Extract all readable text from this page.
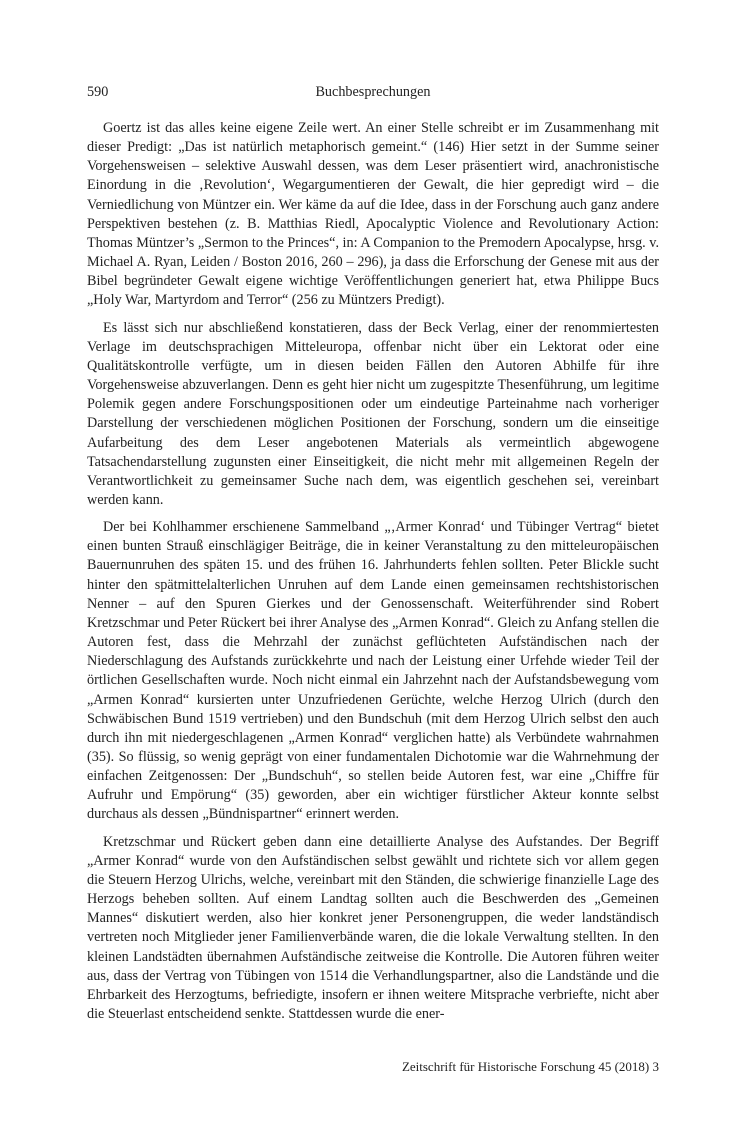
590	Buchbesprechungen

Goertz ist das alles keine eigene Zeile wert. An einer Stelle schreibt er im Zusammenhang mit dieser Predigt: „Das ist natürlich metaphorisch gemeint.“ (146) Hier setzt in der Summe seiner Vorgehensweisen – selektive Auswahl dessen, was dem Leser präsentiert wird, anachronistische Einordung in die ‚Revolution‘, Wegargumentieren der Gewalt, die hier gepredigt wird – die Verniedlichung von Müntzer ein. Wer käme da auf die Idee, dass in der Forschung auch ganz andere Perspektiven bestehen (z. B. Matthias Riedl, Apocalyptic Violence and Revolutionary Action: Thomas Müntzer’s „Sermon to the Princes“, in: A Companion to the Premodern Apocalypse, hrsg. v. Michael A. Ryan, Leiden / Boston 2016, 260 – 296), ja dass die Erforschung der Genese mit aus der Bibel begründeter Gewalt eigene wichtige Veröffentlichungen generiert hat, etwa Philippe Bucs „Holy War, Martyrdom and Terror“ (256 zu Müntzers Predigt).

Es lässt sich nur abschließend konstatieren, dass der Beck Verlag, einer der renommiertesten Verlage im deutschsprachigen Mitteleuropa, offenbar nicht über ein Lektorat oder eine Qualitätskontrolle verfügte, um in diesen beiden Fällen den Autoren Abhilfe für ihre Vorgehensweise abzuverlangen. Denn es geht hier nicht um zugespitzte Thesenführung, um legitime Polemik gegen andere Forschungspositionen oder um eindeutige Parteinahme nach vorheriger Darstellung der verschiedenen möglichen Positionen der Forschung, sondern um die einseitige Aufarbeitung des dem Leser angebotenen Materials als vermeintlich abgewogene Tatsachendarstellung zugunsten einer Einseitigkeit, die nicht mehr mit allgemeinen Regeln der Verantwortlichkeit zu gemeinsamer Suche nach dem, was eigentlich geschehen sei, vereinbart werden kann.

Der bei Kohlhammer erschienene Sammelband „‚Armer Konrad‘ und Tübinger Vertrag“ bietet einen bunten Strauß einschlägiger Beiträge, die in keiner Veranstaltung zu den mitteleuropäischen Bauernunruhen des späten 15. und des frühen 16. Jahrhunderts fehlen sollten. Peter Blickle sucht hinter den spätmittelalterlichen Unruhen auf dem Lande einen gemeinsamen rechtshistorischen Nenner – auf den Spuren Gierkes und der Genossenschaft. Weiterführender sind Robert Kretzschmar und Peter Rückert bei ihrer Analyse des „Armen Konrad“. Gleich zu Anfang stellen die Autoren fest, dass die Mehrzahl der zunächst geflüchteten Aufständischen nach der Niederschlagung des Aufstands zurückkehrte und nach der Leistung einer Urfehde wieder Teil der örtlichen Gesellschaften wurde. Noch nicht einmal ein Jahrzehnt nach der Aufstandsbewegung vom „Armen Konrad“ kursierten unter Unzufriedenen Gerüchte, welche Herzog Ulrich (durch den Schwäbischen Bund 1519 vertrieben) und den Bundschuh (mit dem Herzog Ulrich selbst den auch durch ihn mit niedergeschlagenen „Armen Konrad“ verglichen hatte) als Verbündete wahrnahmen (35). So flüssig, so wenig geprägt von einer fundamentalen Dichotomie war die Wahrnehmung der einfachen Zeitgenossen: Der „Bundschuh“, so stellen beide Autoren fest, war eine „Chiffre für Aufruhr und Empörung“ (35) geworden, aber ein wichtiger fürstlicher Akteur konnte selbst durchaus als dessen „Bündnispartner“ erinnert werden.

Kretzschmar und Rückert geben dann eine detaillierte Analyse des Aufstandes. Der Begriff „Armer Konrad“ wurde von den Aufständischen selbst gewählt und richtete sich vor allem gegen die Steuern Herzog Ulrichs, welche, vereinbart mit den Ständen, die schwierige finanzielle Lage des Herzogs beheben sollten. Auf einem Landtag sollten auch die Beschwerden des „Gemeinen Mannes“ diskutiert werden, also hier konkret jener Personengruppen, die weder landständisch vertreten noch Mitglieder jener Familienverbände waren, die die lokale Verwaltung stellten. In den kleinen Landstädten übernahmen Aufständische zeitweise die Kontrolle. Die Autoren führen weiter aus, dass der Vertrag von Tübingen von 1514 die Verhandlungspartner, also die Landstände und die Ehrbarkeit des Herzogtums, befriedigte, insofern er ihnen weitere Mitsprache verbriefte, nicht aber die Steuerlast entscheidend senkte. Stattdessen wurde die ener-

Zeitschrift für Historische Forschung 45 (2018) 3
